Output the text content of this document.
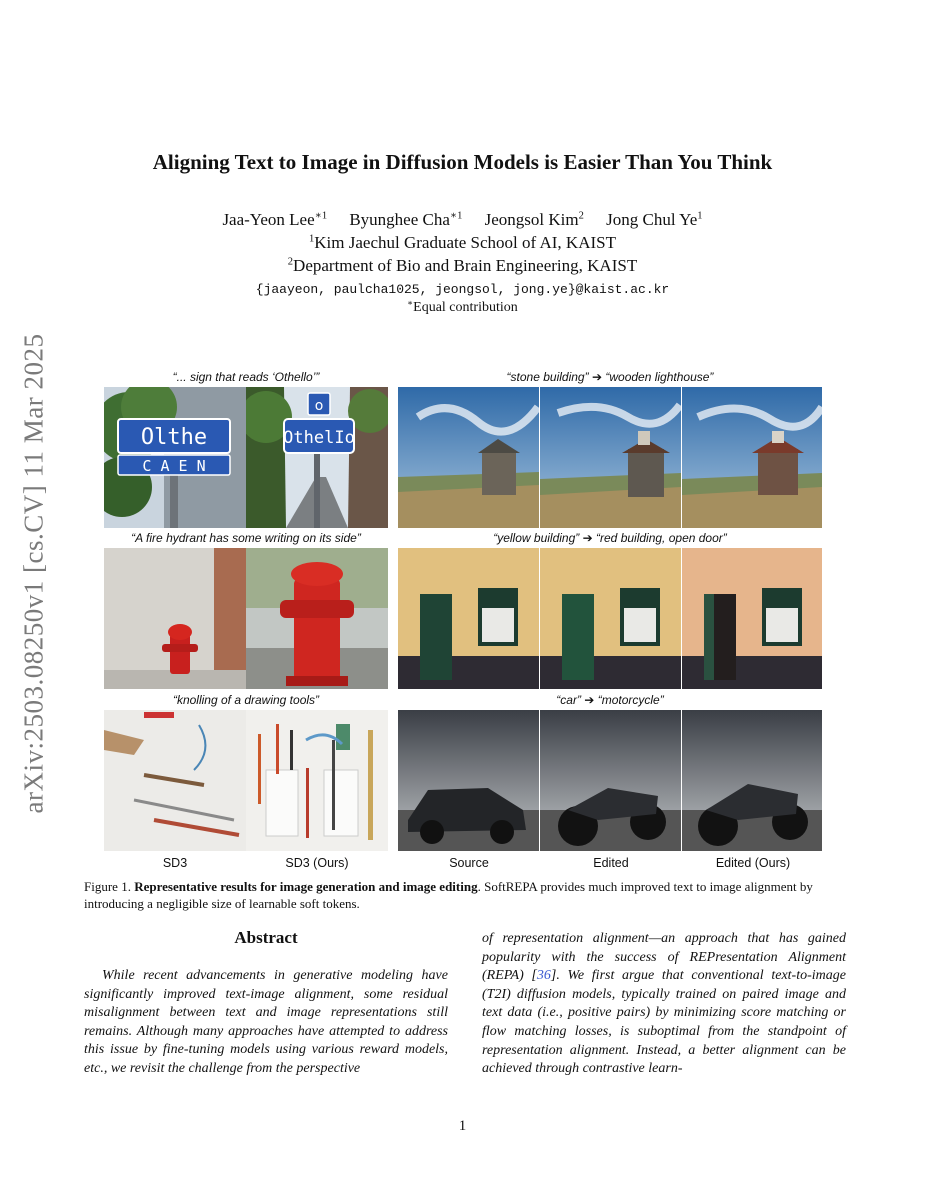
arXiv:2503.08250v1 [cs.CV] 11 Mar 2025
Aligning Text to Image in Diffusion Models is Easier Than You Think
Jaa-Yeon Lee$^{∗1}$ Byunghee Cha$^{∗1}$ Jeongsol Kim$^2$ Jong Chul Ye$^1$
$^1$Kim Jaechul Graduate School of AI, KAIST
$^2$Department of Bio and Brain Engineering, KAIST
{jaayeon, paulcha1025, jeongsol, jong.ye}@kaist.ac.kr
∗Equal contribution
“... sign that reads ‘Othello’”
“A fire hydrant has some writing on its side”
“knolling of a drawing tools”
“stone building” ➔ “wooden lighthouse”
“yellow building” ➔ “red building, open door”
“car” ➔ “motorcycle”
Olthe
C A E N
OthelIo
o
SD3	SD3 (Ours)	Source	Edited	Edited (Ours)
Figure 1. Representative results for image generation and image editing. SoftREPA provides much improved text to image alignment by introducing a negligible size of learnable soft tokens.
Abstract
While recent advancements in generative modeling have significantly improved text-image alignment, some residual misalignment between text and image representations still remains. Although many approaches have attempted to address this issue by fine-tuning models using various reward models, etc., we revisit the challenge from the perspective
of representation alignment—an approach that has gained popularity with the success of REPresentation Alignment (REPA) [36]. We first argue that conventional text-to-image (T2I) diffusion models, typically trained on paired image and text data (i.e., positive pairs) by minimizing score matching or flow matching losses, is suboptimal from the standpoint of representation alignment. Instead, a better alignment can be achieved through contrastive learn-
1
